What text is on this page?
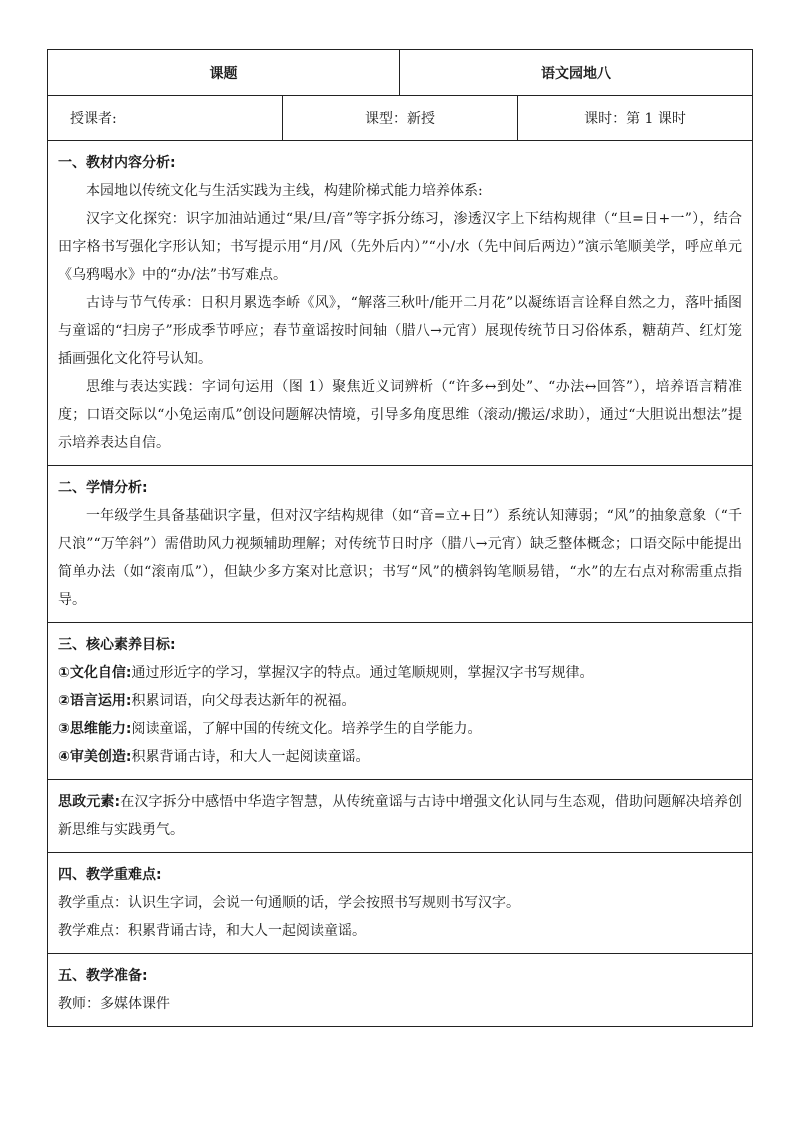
课题	语文园地八
授课者:	课型：新授	课时：第 1 课时
一、教材内容分析:
本园地以传统文化与生活实践为主线，构建阶梯式能力培养体系:
汉字文化探究：识字加油站通过“果/旦/音”等字拆分练习，渗透汉字上下结构规律（“旦=日+一”），结合田字格书写强化字形认知；书写提示用“月/风（先外后内）”“小/水（先中间后两边）”演示笔顺美学，呼应单元《乌鸦喝水》中的“办/法”书写难点。
古诗与节气传承：日积月累选李峤《风》，“解落三秋叶/能开二月花”以凝练语言诠释自然之力，落叶插图与童谣的“扫房子”形成季节呼应；春节童谣按时间轴（腊八→元宵）展现传统节日习俗体系，糖葫芦、红灯笼插画强化文化符号认知。
思维与表达实践：字词句运用（图 1）聚焦近义词辨析（“许多↔到处”、“办法↔回答”），培养语言精准度；口语交际以“小兔运南瓜”创设问题解决情境，引导多角度思维（滚动/搬运/求助），通过“大胆说出想法”提示培养表达自信。
二、学情分析:
一年级学生具备基础识字量，但对汉字结构规律（如“音=立+日”）系统认知薄弱；“风”的抽象意象（“千尺浪”“万竿斜”）需借助风力视频辅助理解；对传统节日时序（腊八→元宵）缺乏整体概念；口语交际中能提出简单办法（如“滚南瓜”），但缺少多方案对比意识；书写“风”的横斜钩笔顺易错，“水”的左右点对称需重点指导。
三、核心素养目标:
①文化自信:通过形近字的学习，掌握汉字的特点。通过笔顺规则，掌握汉字书写规律。
②语言运用:积累词语，向父母表达新年的祝福。
③思维能力:阅读童谣，了解中国的传统文化。培养学生的自学能力。
④审美创造:积累背诵古诗，和大人一起阅读童谣。
思政元素:在汉字拆分中感悟中华造字智慧，从传统童谣与古诗中增强文化认同与生态观，借助问题解决培养创新思维与实践勇气。
四、教学重难点:
教学重点：认识生字词，会说一句通顺的话，学会按照书写规则书写汉字。
教学难点：积累背诵古诗，和大人一起阅读童谣。
五、教学准备:
教师：多媒体课件
